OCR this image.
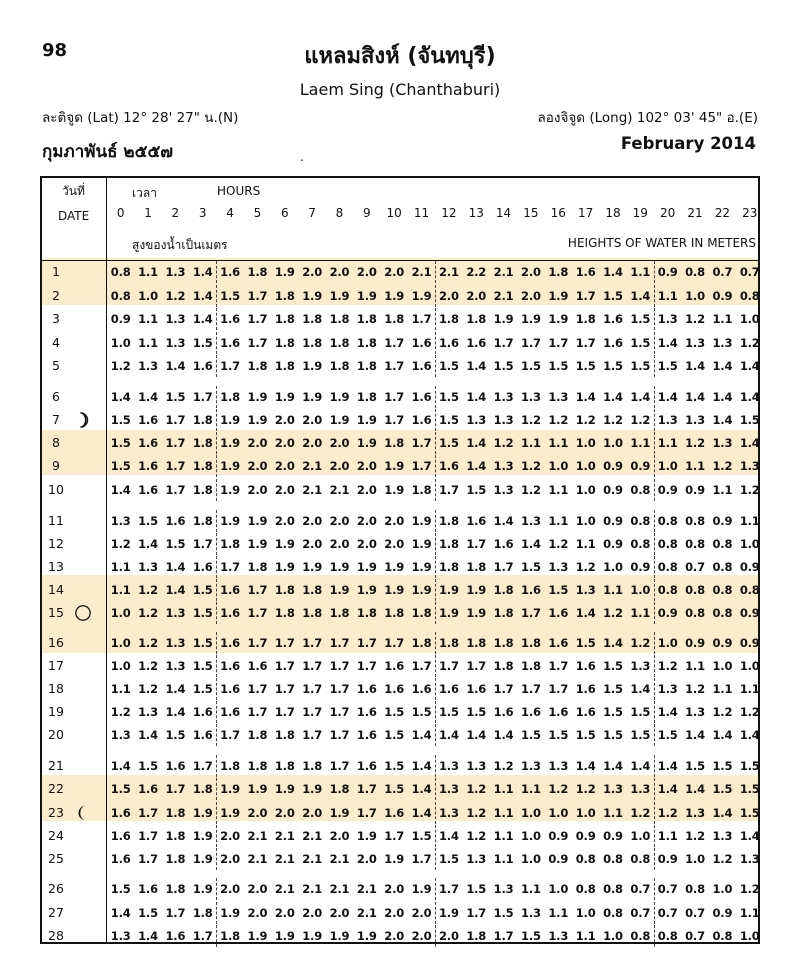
98	แหลมสิงห์ (จันทบุรี)
Laem Sing (Chanthaburi)
ละติจูด (Lat) 12° 28' 27" น.(N)	ลองจิจูด (Long) 102° 03' 45" อ.(E)
กุมภาพันธ์ ๒๕๕๗	February 2014
.
วันที่
DATE
เวลา	HOURS
สูงของน้ำเป็นเมตร	HEIGHTS OF WATER IN METERS
0	1	2	3	4	5	6	7	8	9	10	11	12	13	14	15	16	17	18	19	20	21	22	23
1	0.8 1.1 1.3 1.4 1.6 1.8 1.9 2.0 2.0 2.0 2.0 2.1 2.1 2.2 2.1 2.0 1.8 1.6 1.4 1.1 0.9 0.8 0.7 0.7
2	0.8 1.0 1.2 1.4 1.5 1.7 1.8 1.9 1.9 1.9 1.9 1.9 2.0 2.0 2.1 2.0 1.9 1.7 1.5 1.4 1.1 1.0 0.9 0.8
3	0.9 1.1 1.3 1.4 1.6 1.7 1.8 1.8 1.8 1.8 1.8 1.7 1.8 1.8 1.9 1.9 1.9 1.8 1.6 1.5 1.3 1.2 1.1 1.0
4	1.0 1.1 1.3 1.5 1.6 1.7 1.8 1.8 1.8 1.8 1.7 1.6 1.6 1.6 1.7 1.7 1.7 1.7 1.6 1.5 1.4 1.3 1.3 1.2
5	1.2 1.3 1.4 1.6 1.7 1.8 1.8 1.9 1.8 1.8 1.7 1.6 1.5 1.4 1.5 1.5 1.5 1.5 1.5 1.5 1.5 1.4 1.4 1.4
6	1.4 1.4 1.5 1.7 1.8 1.9 1.9 1.9 1.9 1.8 1.7 1.6 1.5 1.4 1.3 1.3 1.3 1.4 1.4 1.4 1.4 1.4 1.4 1.4
7	1.5 1.6 1.7 1.8 1.9 1.9 2.0 2.0 1.9 1.9 1.7 1.6 1.5 1.3 1.3 1.2 1.2 1.2 1.2 1.2 1.3 1.3 1.4 1.5
8	1.5 1.6 1.7 1.8 1.9 2.0 2.0 2.0 2.0 1.9 1.8 1.7 1.5 1.4 1.2 1.1 1.1 1.0 1.0 1.1 1.1 1.2 1.3 1.4
9	1.5 1.6 1.7 1.8 1.9 2.0 2.0 2.1 2.0 2.0 1.9 1.7 1.6 1.4 1.3 1.2 1.0 1.0 0.9 0.9 1.0 1.1 1.2 1.3
10	1.4 1.6 1.7 1.8 1.9 2.0 2.0 2.1 2.1 2.0 1.9 1.8 1.7 1.5 1.3 1.2 1.1 1.0 0.9 0.8 0.9 0.9 1.1 1.2
11	1.3 1.5 1.6 1.8 1.9 1.9 2.0 2.0 2.0 2.0 2.0 1.9 1.8 1.6 1.4 1.3 1.1 1.0 0.9 0.8 0.8 0.8 0.9 1.1
12	1.2 1.4 1.5 1.7 1.8 1.9 1.9 2.0 2.0 2.0 2.0 1.9 1.8 1.7 1.6 1.4 1.2 1.1 0.9 0.8 0.8 0.8 0.8 1.0
13	1.1 1.3 1.4 1.6 1.7 1.8 1.9 1.9 1.9 1.9 1.9 1.9 1.8 1.8 1.7 1.5 1.3 1.2 1.0 0.9 0.8 0.7 0.8 0.9
14	1.1 1.2 1.4 1.5 1.6 1.7 1.8 1.8 1.9 1.9 1.9 1.9 1.9 1.9 1.8 1.6 1.5 1.3 1.1 1.0 0.8 0.8 0.8 0.8
15	1.0 1.2 1.3 1.5 1.6 1.7 1.8 1.8 1.8 1.8 1.8 1.8 1.9 1.9 1.8 1.7 1.6 1.4 1.2 1.1 0.9 0.8 0.8 0.9
16	1.0 1.2 1.3 1.5 1.6 1.7 1.7 1.7 1.7 1.7 1.7 1.8 1.8 1.8 1.8 1.8 1.6 1.5 1.4 1.2 1.0 0.9 0.9 0.9
17	1.0 1.2 1.3 1.5 1.6 1.6 1.7 1.7 1.7 1.7 1.6 1.7 1.7 1.7 1.8 1.8 1.7 1.6 1.5 1.3 1.2 1.1 1.0 1.0
18	1.1 1.2 1.4 1.5 1.6 1.7 1.7 1.7 1.7 1.6 1.6 1.6 1.6 1.6 1.7 1.7 1.7 1.6 1.5 1.4 1.3 1.2 1.1 1.1
19	1.2 1.3 1.4 1.6 1.6 1.7 1.7 1.7 1.7 1.6 1.5 1.5 1.5 1.5 1.6 1.6 1.6 1.6 1.5 1.5 1.4 1.3 1.2 1.2
20	1.3 1.4 1.5 1.6 1.7 1.8 1.8 1.7 1.7 1.6 1.5 1.4 1.4 1.4 1.4 1.5 1.5 1.5 1.5 1.5 1.5 1.4 1.4 1.4
21	1.4 1.5 1.6 1.7 1.8 1.8 1.8 1.8 1.7 1.6 1.5 1.4 1.3 1.3 1.2 1.3 1.3 1.4 1.4 1.4 1.4 1.5 1.5 1.5
22	1.5 1.6 1.7 1.8 1.9 1.9 1.9 1.9 1.8 1.7 1.5 1.4 1.3 1.2 1.1 1.1 1.2 1.2 1.3 1.3 1.4 1.4 1.5 1.5
23	1.6 1.7 1.8 1.9 1.9 2.0 2.0 2.0 1.9 1.7 1.6 1.4 1.3 1.2 1.1 1.0 1.0 1.0 1.1 1.2 1.2 1.3 1.4 1.5
24	1.6 1.7 1.8 1.9 2.0 2.1 2.1 2.1 2.0 1.9 1.7 1.5 1.4 1.2 1.1 1.0 0.9 0.9 0.9 1.0 1.1 1.2 1.3 1.4
25	1.6 1.7 1.8 1.9 2.0 2.1 2.1 2.1 2.1 2.0 1.9 1.7 1.5 1.3 1.1 1.0 0.9 0.8 0.8 0.8 0.9 1.0 1.2 1.3
26	1.5 1.6 1.8 1.9 2.0 2.0 2.1 2.1 2.1 2.1 2.0 1.9 1.7 1.5 1.3 1.1 1.0 0.8 0.8 0.7 0.7 0.8 1.0 1.2
27	1.4 1.5 1.7 1.8 1.9 2.0 2.0 2.0 2.0 2.1 2.0 2.0 1.9 1.7 1.5 1.3 1.1 1.0 0.8 0.7 0.7 0.7 0.9 1.1
28	1.3 1.4 1.6 1.7 1.8 1.9 1.9 1.9 1.9 1.9 2.0 2.0 2.0 1.8 1.7 1.5 1.3 1.1 1.0 0.8 0.8 0.7 0.8 1.0
